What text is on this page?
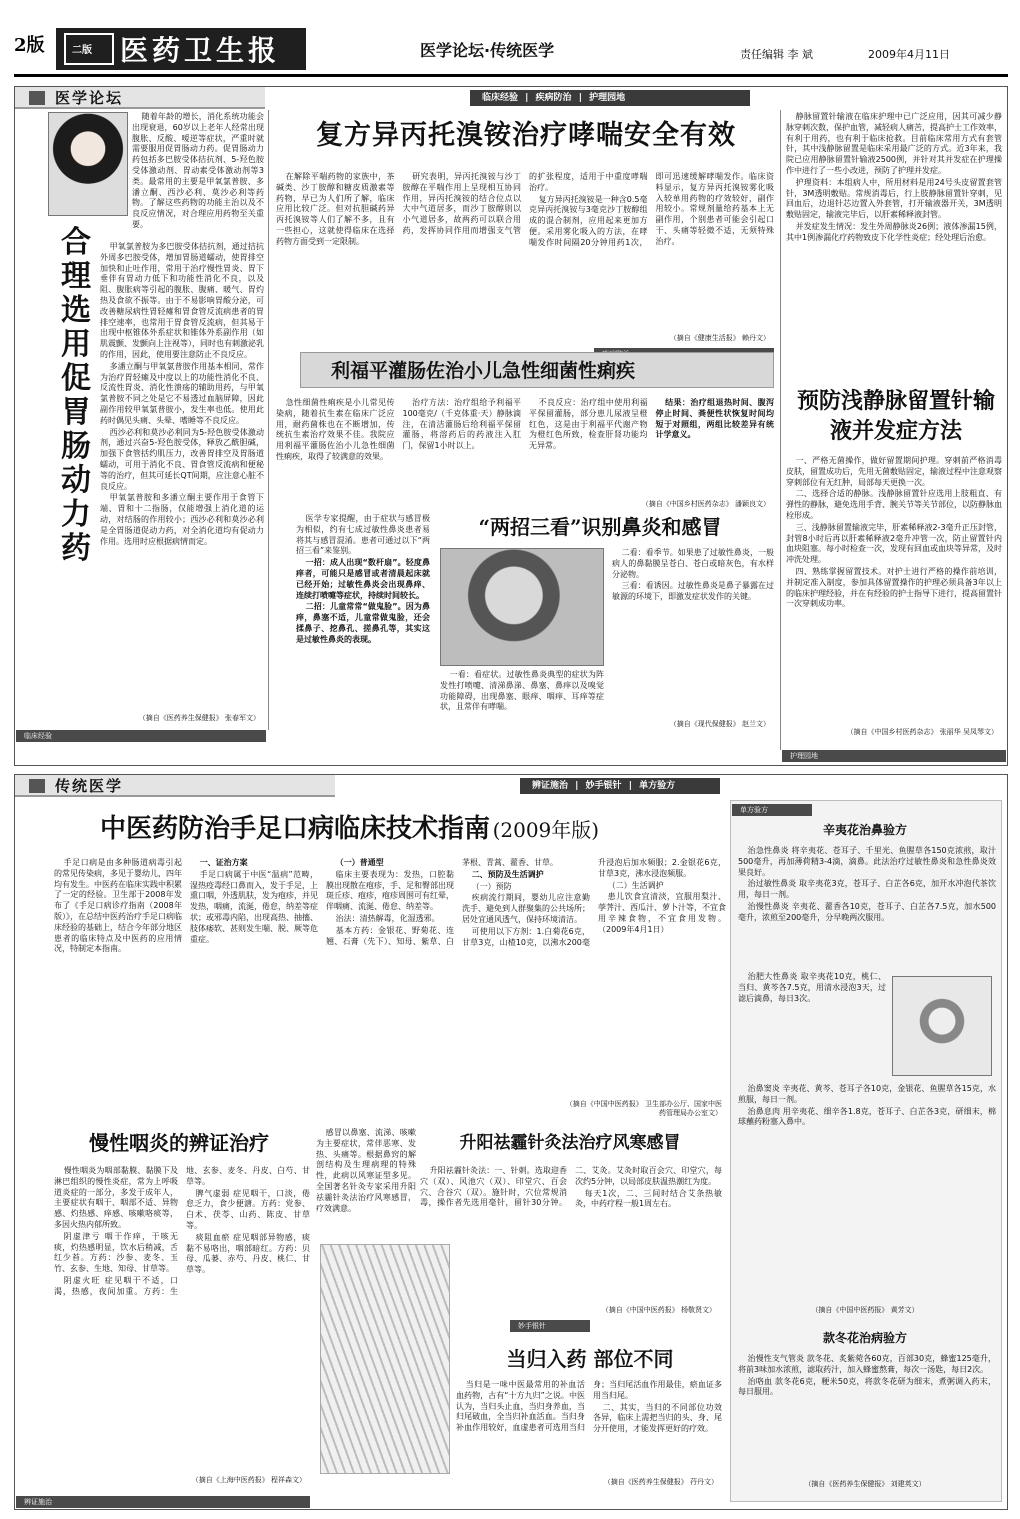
2版	二版	医药卫生报	医学论坛·传统医学	责任编辑 李 斌	2009年4月11日
医学论坛	临床经验 | 疾病防治 | 护理园地
合理选用促胃肠动力药

随着年龄的增长，消化系统功能会出现衰退，60岁以上老年人经常出现腹胀、反酸、嗳逆等症状，严重时就需要服用促胃肠动力药。促胃肠动力药包括多巴胺受体拮抗剂、5-羟色胺受体激动剂、胃动素受体激动剂等3类。最常用的主要是甲氧氯普胺、多潘立酮、西沙必利、莫沙必利等药物。了解这些药物的功能主治以及不良反应情况，对合理应用药物至关重要。

甲氧氯普胺为多巴胺受体拮抗剂，通过拮抗外周多巴胺受体，增加胃肠道蠕动，使胃排空加快和止吐作用，常用于治疗慢性胃炎、胃下垂伴有胃动力低下和功能性消化不良，以及阻、腹胀病等引起的腹胀、腹痛、暖气、胃灼热及食欲不振等。由于不易影响胃酸分泌，可改善糖尿病性胃轻瘫和胃食管反流病患者的胃排空速率，也常用于胃食管反流病，但其易于出现中枢锥体外系症状和锥体外系副作用（如肌震颤、发颤向上注视等），同时也有刺激泌乳的作用，因此，使用要注意防止不良反应。

多潘立酮与甲氧氯普胺作用基本相同，常作为治疗胃轻瘫及中度以上的功能性消化不良、反流性胃炎、消化性溃疡的辅助用药，与甲氧氯普胺不同之处是它不易透过血脑屏障，因此副作用较甲氧氯普胺小，发生率也低。使用此药时偶见头痛、头晕、嗜睡等不良反应。

西沙必利和莫沙必利同为5-羟色胺受体激动剂，通过兴奋5-羟色胺受体，释放乙酰胆碱，加强下食管括约肌压力，改善胃排空及胃肠道蠕动，可用于消化不良、胃食管反流病和便秘等的治疗，但其可延长QT间期，应注意心脏不良反应。

甲氧氯普胺和多潘立酮主要作用于食管下端、胃和十二指肠，仅能增强上消化道的运动，对结肠的作用较小；西沙必利和莫沙必利是全胃肠道促动力药，对全消化道均有促动力作用。选用时应根据病情而定。

（摘自《医药养生保健报》 张春军文）
临床经验
复方异丙托溴铵治疗哮喘安全有效

在解除平喘药物的家族中，茶碱类、沙丁胺醇和糖皮质激素等药物，早已为人们所了解，临床应用比较广泛。但对抗胆碱药异丙托溴铵等人们了解不多，且有一些担心，这就使得临床在选择药物方面受到一定限制。

研究表明，异丙托溴铵与沙丁胺醇在平喘作用上呈现相互协同作用，异丙托溴铵的结合位点以大中气道居多，而沙丁胺醇则以小气道居多，故两药可以联合用药，发挥协同作用而增强支气管的扩张程度，适用于中重度哮喘治疗。

复方异丙托溴铵是一种含0.5毫克异丙托溴铵与3毫克沙丁胺醇组成的混合制剂，应用起来更加方便。采用雾化吸入的方法，在哮喘发作时间隔20分钟用药1次，即可迅速缓解哮喘发作。临床资料显示，复方异丙托溴铵雾化吸入较单用药物的疗效较好，副作用较小。常规剂量给药基本上无副作用，个别患者可能会引起口干、头痛等轻微不适，无须特殊治疗。

（摘自《健康生活报》 赖丹文）
利福平灌肠佐治小儿急性细菌性痢疾

急性细菌性痢疾是小儿常见传染病，随着抗生素在临床广泛应用，耐药菌株也在不断增加，传统抗生素治疗效果不佳。我院应用利福平灌肠佐治小儿急性细菌性痢疾，取得了较满意的效果。

治疗方法：治疗组给予利福平100毫克/（千克体重·天）静脉滴注，在清洁灌肠后给利福平保留灌肠，将溶药后的药液注入肛门，保留1小时以上。

不良反应：治疗组中使用利福平保留灌肠，部分患儿尿液呈橙红色，这是由于利福平代谢产物为橙红色所致，检查肝肾功能均无异常。

结果：治疗组退热时间、腹泻停止时间、粪便性状恢复时间均短于对照组，两组比较差异有统计学意义。

（摘自《中国乡村医药杂志》 潘颖良文）
“两招三看”识别鼻炎和感冒

医学专家提醒，由于症状与感冒极为相似，约有七成过敏性鼻炎患者易将其与感冒混淆。患者可通过以下“两招三看”来鉴别。

一招：成人出现“数杆扇”。轻度鼻痒者，可能只是感冒或者清晨起床就已经开始；过敏性鼻炎会出现鼻痒、连续打喷嚏等症状，持续时间较长。

二招：儿童常常“做鬼脸”。因为鼻痒，鼻塞不适，儿童常做鬼脸，还会揉鼻子、挖鼻孔、搓鼻孔等，其实这是过敏性鼻炎的表现。

一看：看症状。过敏性鼻炎典型的症状为阵发性打喷嚏、清涕鼻涕、鼻塞、鼻痒以及嗅觉功能障碍，出现鼻塞、眼痒、咽痒、耳痒等症状，且常伴有哮喘。

二看：看季节。如果患了过敏性鼻炎，一般病人的鼻黏膜呈苍白、苍白或暗灰色，有水样分泌物。

三看：看诱因。过敏性鼻炎是鼻子暴露在过敏源的环境下，即激发症状发作的关键。

（摘自《现代保健报》 赵兰文）

静脉留置针输液在临床护理中已广泛应用，因其可减少静脉穿刺次数，保护血管，减轻病人痛苦，提高护士工作效率，有利于用药，也有利于临床抢救。目前临床常用方式有套管针，其中浅静脉留置是临床采用最广泛的方式。近3年来，我院已应用静脉留置针输液2500例，并针对其并发症在护理操作中进行了一些小改进，预防了护理并发症。

护理资料：本组病人中，所用材料是用24号头皮留置套管针，3M透明敷贴。常规消毒后，行上肢静脉留置针穿刺，见回血后，边退针芯边置入外套管，打开输液器开关，3M透明敷贴固定，输液完毕后，以肝素稀释液封管。

并发症发生情况：发生外周静脉炎26例；液体渗漏15例，其中1例渗漏化疗药物致皮下化学性炎症；经处理后治愈。

预防浅静脉留置针输液并发症方法

一、严格无菌操作，做好留置期间护理。穿刺前严格消毒皮肤，留置成功后，先用无菌敷贴固定，输液过程中注意观察穿刺部位有无红肿，局部每天更换一次。

二、选择合适的静脉。浅静脉留置针应选用上肢粗直、有弹性的静脉，避免选用手背、腕关节等关节部位，以防静脉血栓形成。

三、浅静脉留置输液完毕，肝素稀释液2-3毫升正压封管，封管8小时后再以肝素稀释液2毫升冲管一次，防止留置针内血块阻塞。每小时检查一次，发现有回血或血块等异常，及时冲洗处理。

四、熟练掌握留置技术。对护士进行严格的操作前培训，并制定准入制度，参加具体留置操作的护理必须具备3年以上的临床护理经验，并在有经验的护士指导下进行，提高留置针一次穿刺成功率。

（摘自《中国乡村医药杂志》 张丽华 吴凤琴文）
护理园地
传统医学	辨证施治 | 妙手银针 | 单方验方
中医药防治手足口病临床技术指南 (2009年版)

手足口病是由多种肠道病毒引起的常见传染病，多见于婴幼儿，四年均有发生。中医药在临床实践中积累了一定的经验。卫生部于2008年发布了《手足口病诊疗指南（2008年版）》，在总结中医药治疗手足口病临床经验的基础上，结合今年部分地区患者的临床特点及中医药的应用情况，特制定本指南。

一、证治方案

手足口病属于中医“温病”范畴，湿热疫毒经口鼻而入，发于手足，上熏口咽，外透肌肤，发为疱疹，并见发热，咽痛，流涎，倦怠，纳差等症状；或邪毒内陷，出现高热、抽搐、肢体痿软、甚则发生喘、脱、厥等危重症。

（一）普通型

临床主要表现为：发热，口腔黏膜出现散在疱疹，手、足和臀部出现斑丘疹、疱疹，疱疹周围可有红晕，伴咽痛、流涎、倦怠、纳差等。

治法：清热解毒，化湿透邪。

基本方药：金银花、野菊花、连翘、石膏（先下）、知母、紫草、白茅根、青蒿、藿香、甘草。

二、预防及生活调护

（一）预防

疾病流行期间，婴幼儿应注意勤洗手、避免到人群聚集的公共场所；居处宜通风透气，保持环境清洁。

可使用以下方剂：1.白菊花6克，甘草3克，山楂10克，以沸水200毫升浸泡后加水频服；2.金银花6克，甘草3克，沸水浸泡频服。

（二）生活调护

患儿饮食宜清淡，宜服用梨汁、荸荠汁、西瓜汁、萝卜汁等，不宜食用辛辣食物，不宜食用发物。（2009年4月1日）

（摘自《中国中医药报》 卫生部办公厅、国家中医药管理局办公室文）
慢性咽炎的辨证治疗

慢性咽炎为咽部黏膜、黏膜下及淋巴组织的慢性炎症，常为上呼吸道炎症的一部分，多发于成年人，主要症状有咽干、咽部不适、异物感、灼热感、痒感、咳嗽咯痰等，多因火热内郁所致。

阴虚津亏 咽干作痒，干咳无痰，灼热感明显，饮水后稍减，舌红少苔。方药：沙参、麦冬、玉竹、玄参、生地、知母、甘草等。

阴虚火旺 症见咽干不适，口渴，热感，夜间加重。方药：生地、玄参、麦冬、丹皮、白芍、甘草等。

脾气虚弱 症见咽干，口淡，倦怠乏力，食少便溏。方药：党参、白术、茯苓、山药、陈皮、甘草等。

痰阻血瘀 症见咽部异物感，痰黏不易咯出，咽部暗红。方药：贝母、瓜蒌、赤芍、丹皮、桃仁、甘草等。

（摘自《上海中医药报》 程祥森文）
辨证施治

感冒以鼻塞、流涕、咳嗽为主要症状，常伴恶寒、发热、头痛等。根据鼻窍的解剖结构及生理病理的特殊性，此病以风寒证型多见。全国著名针灸专家采用升阳祛霾针灸法治疗风寒感冒，疗效满意。

升阳祛霾针灸法治疗风寒感冒

升阳祛霾针灸法：一、针刺。选取迎香穴（双）、风池穴（双）、印堂穴、百会穴、合谷穴（双）。施针时，穴位常规消毒，操作者先选用毫针，留针30分钟。二、艾灸。艾灸时取百会穴、印堂穴，每次约5分钟，以局部皮肤温热潮红为度。

每天1次，二、三间时结合艾条热敏灸，中药疗程一般1周左右。

（摘自《中国中医药报》 杨敬贤文）
妙手银针
当归入药 部位不同

当归是一味中医最常用的补血活血药物，古有“十方九归”之说。中医认为，当归头止血，当归身养血，当归尾破血，全当归补血活血。当归身补血作用较好，血虚患者可选用当归身；当归尾活血作用最佳，瘀血证多用当归尾。

二、其实，当归的不同部位功效各异，临床上需把当归的头、身、尾分开使用，才能发挥更好的疗效。

（摘自《医药养生保健报》 荇丹文）
单方验方
辛夷花治鼻验方

治急性鼻炎 将辛夷花、苍耳子、千里光、鱼腥草各150克浓煎，取汁500毫升，再加薄荷精3-4滴，滴鼻。此法治疗过敏性鼻炎和急性鼻炎效果良好。

治过敏性鼻炎 取辛夷花3克，苍耳子、白芷各6克，加开水冲泡代茶饮用，每日一剂。

治慢性鼻炎 辛夷花、藿香各10克，苍耳子、白芷各7.5克，加水500毫升，浓煎至200毫升，分早晚两次服用。

治肥大性鼻炎 取辛夷花10克，桃仁、当归、黄芩各7.5克，用清水浸泡3天，过滤后滴鼻，每日3次。

治鼻窦炎 辛夷花、黄芩、苍耳子各10克，金银花、鱼腥草各15克，水煎服，每日一剂。

治鼻息肉 用辛夷花、细辛各1.8克，苍耳子、白芷各3克，研细末，棉球蘸药粉塞入鼻中。

（摘自《中国中医药报》 黄芳文）
款冬花治病验方

治慢性支气管炎 款冬花、炙紫菀各60克，百部30克，蜂蜜125毫升，将前3味加水浓煎，滤取药汁，加入蜂蜜熬膏，每次一汤匙，每日2次。

治咯血 款冬花6克，粳米50克，将款冬花研为细末，煮粥调入药末，每日服用。

（摘自《医药养生保健报》 刘建英文）
